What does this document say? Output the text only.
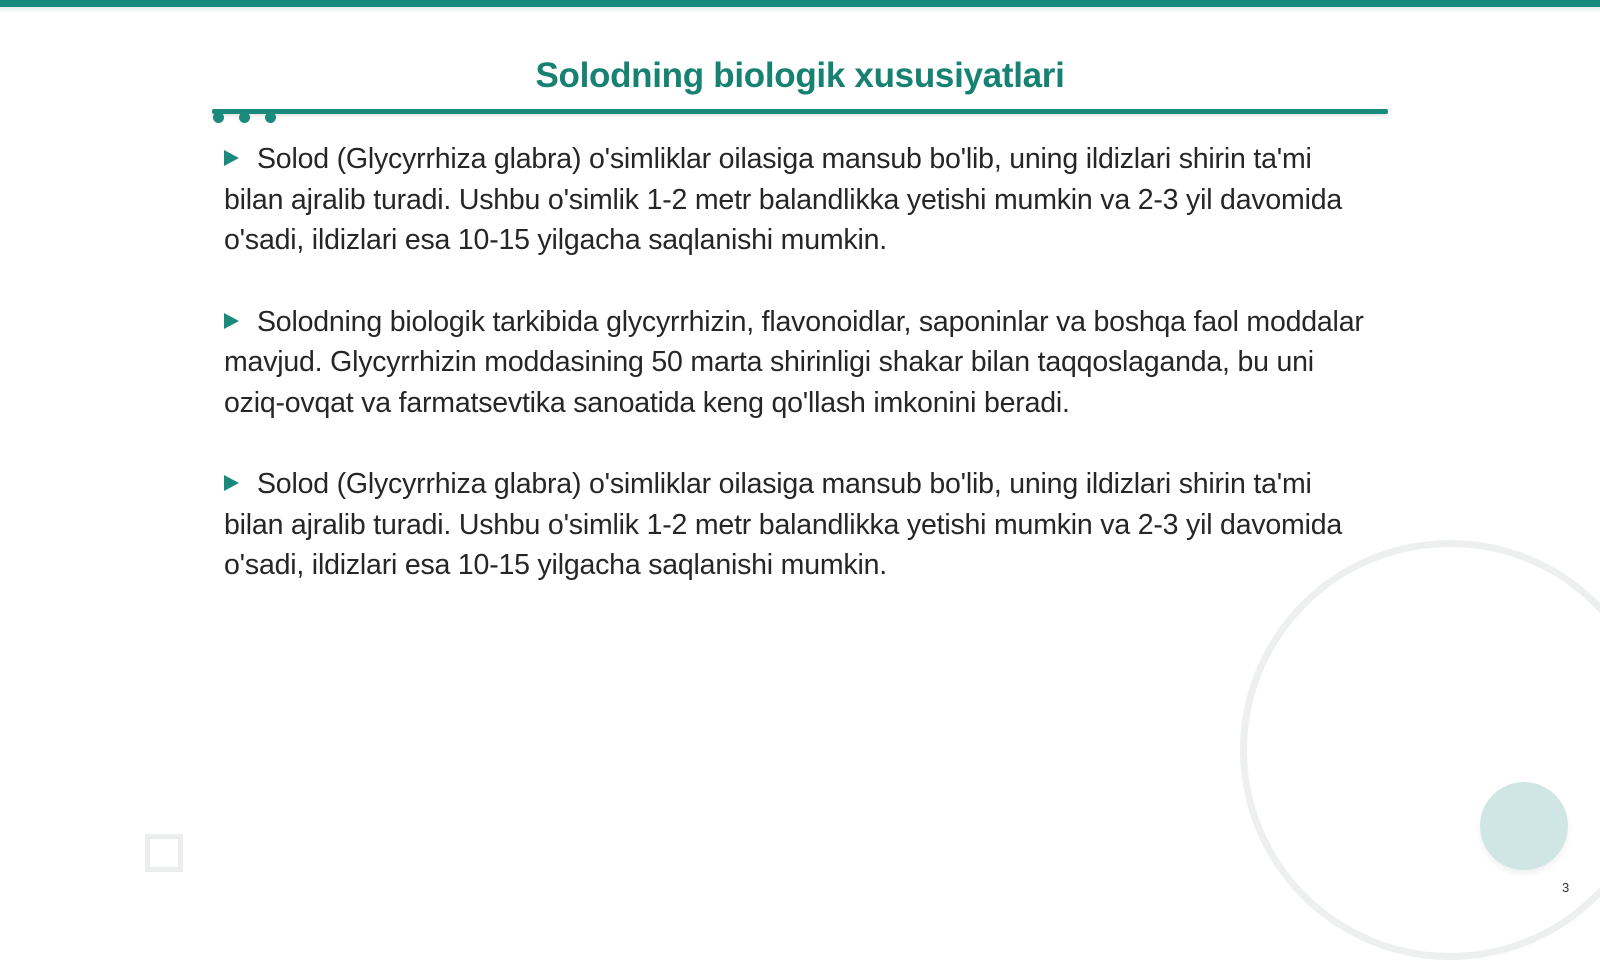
Solodning biologik xususiyatlari

Solod (Glycyrrhiza glabra) o'simliklar oilasiga mansub bo'lib, uning ildizlari shirin ta'mi bilan ajralib turadi. Ushbu o'simlik 1-2 metr balandlikka yetishi mumkin va 2-3 yil davomida o'sadi, ildizlari esa 10-15 yilgacha saqlanishi mumkin.

Solodning biologik tarkibida glycyrrhizin, flavonoidlar, saponinlar va boshqa faol moddalar mavjud. Glycyrrhizin moddasining 50 marta shirinligi shakar bilan taqqoslaganda, bu uni oziq-ovqat va farmatsevtika sanoatida keng qo'llash imkonini beradi.

Solod (Glycyrrhiza glabra) o'simliklar oilasiga mansub bo'lib, uning ildizlari shirin ta'mi bilan ajralib turadi. Ushbu o'simlik 1-2 metr balandlikka yetishi mumkin va 2-3 yil davomida o'sadi, ildizlari esa 10-15 yilgacha saqlanishi mumkin.

3
